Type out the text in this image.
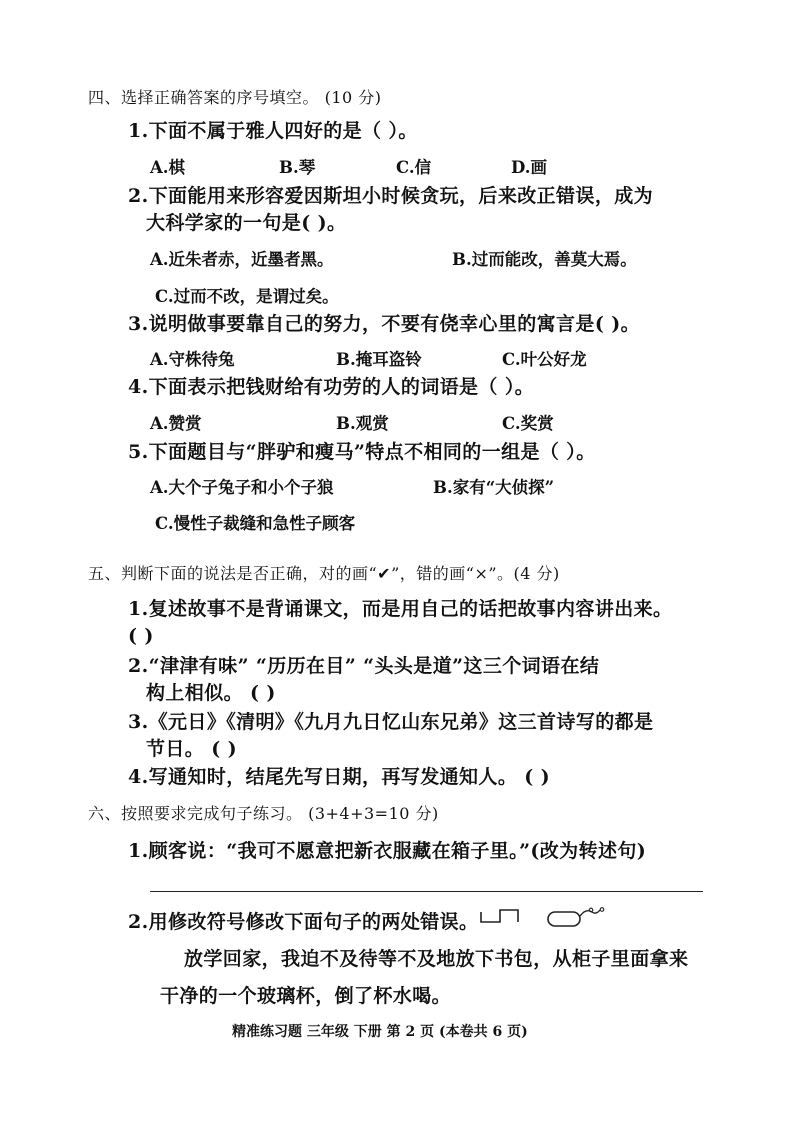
四、选择正确答案的序号填空。 (10 分)
1.下面不属于雅人四好的是（ ）。
A.棋	B.琴	C.信	D.画
2.下面能用来形容爱因斯坦小时候贪玩，后来改正错误，成为
大科学家的一句是( )。
A.近朱者赤，近墨者黑。	B.过而能改，善莫大焉。
C.过而不改，是谓过矣。
3.说明做事要靠自己的努力，不要有侥幸心里的寓言是( )。
A.守株待兔	B.掩耳盗铃	C.叶公好龙
4.下面表示把钱财给有功劳的人的词语是（ ）。
A.赞赏	B.观赏	C.奖赏
5.下面题目与“胖驴和瘦马”特点不相同的一组是（ ）。
A.大个子兔子和小个子狼	B.家有“大侦探”
C.慢性子裁缝和急性子顾客
五、判断下面的说法是否正确，对的画“✔”，错的画“×”。(4 分)
1.复述故事不是背诵课文，而是用自己的话把故事内容讲出来。
( )
2.“津津有味” “历历在目” “头头是道”这三个词语在结
构上相似。 ( )
3.《元日》《清明》《九月九日忆山东兄弟》这三首诗写的都是
节日。 ( )
4.写通知时，结尾先写日期，再写发通知人。 ( )
六、按照要求完成句子练习。 (3+4+3=10 分)
1.顾客说：“我可不愿意把新衣服藏在箱子里。”(改为转述句)
2.用修改符号修改下面句子的两处错误。
放学回家，我迫不及待等不及地放下书包，从柜子里面拿来
干净的一个玻璃杯，倒了杯水喝。
精准练习题 三年级 下册 第 2 页 (本卷共 6 页)
